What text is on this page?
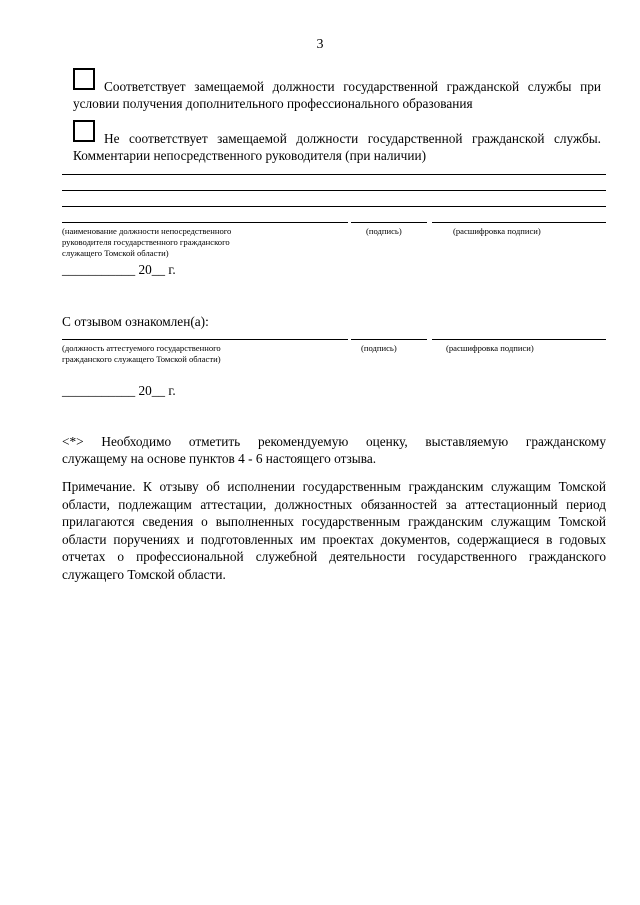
3
Соответствует замещаемой должности государственной гражданской службы при
условии получения дополнительного профессионального образования
Не соответствует замещаемой должности государственной гражданской службы.
Комментарии непосредственного руководителя (при наличии)
(наименование должности непосредственного
руководителя государственного гражданского
служащего Томской области)
(подпись)	(расшифровка подписи)
___________ 20__ г.
С отзывом ознакомлен(а):
(должность аттестуемого государственного
гражданского служащего Томской области)
(подпись)	(расшифровка подписи)
___________ 20__ г.
<*> Необходимо отметить рекомендуемую оценку, выставляемую гражданскому
служащему на основе пунктов 4 - 6 настоящего отзыва.
Примечание. К отзыву об исполнении государственным гражданским служащим Томской
области, подлежащим аттестации, должностных обязанностей за аттестационный период
прилагаются сведения о выполненных государственным гражданским служащим Томской
области поручениях и подготовленных им проектах документов, содержащиеся в годовых
отчетах о профессиональной служебной деятельности государственного гражданского
служащего Томской области.
